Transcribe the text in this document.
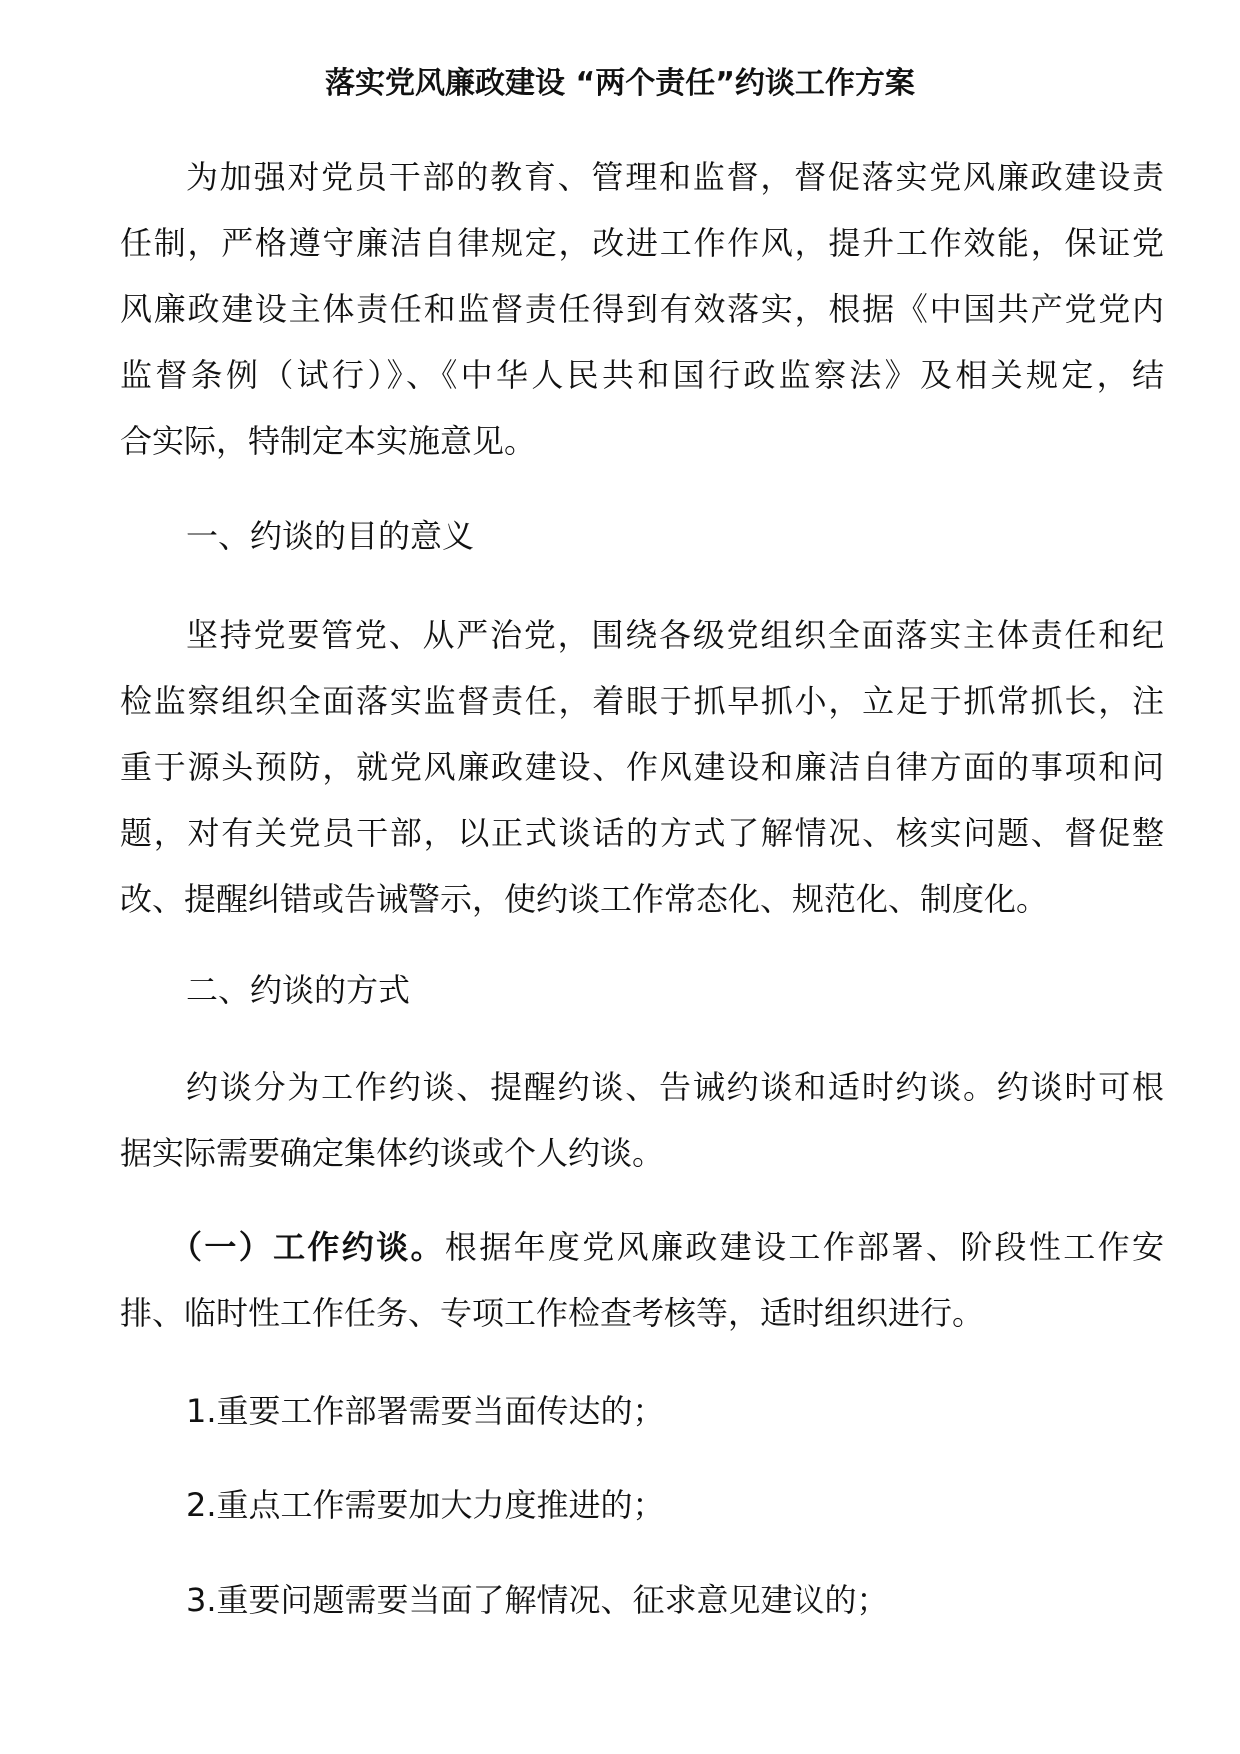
落实党风廉政建设 “两个责任”约谈工作方案
为加强对党员干部的教育、管理和监督，督促落实党风廉政建设责
任制，严格遵守廉洁自律规定，改进工作作风，提升工作效能，保证党
风廉政建设主体责任和监督责任得到有效落实，根据《中国共产党党内
监督条例（试行）》、《中华人民共和国行政监察法》及相关规定，结
合实际，特制定本实施意见。
一、约谈的目的意义
坚持党要管党、从严治党，围绕各级党组织全面落实主体责任和纪
检监察组织全面落实监督责任，着眼于抓早抓小，立足于抓常抓长，注
重于源头预防，就党风廉政建设、作风建设和廉洁自律方面的事项和问
题，对有关党员干部，以正式谈话的方式了解情况、核实问题、督促整
改、提醒纠错或告诫警示，使约谈工作常态化、规范化、制度化。
二、约谈的方式
约谈分为工作约谈、提醒约谈、告诫约谈和适时约谈。约谈时可根
据实际需要确定集体约谈或个人约谈。
（一）工作约谈。根据年度党风廉政建设工作部署、阶段性工作安
排、临时性工作任务、专项工作检查考核等，适时组织进行。
1.重要工作部署需要当面传达的；
2.重点工作需要加大力度推进的；
3.重要问题需要当面了解情况、征求意见建议的；
